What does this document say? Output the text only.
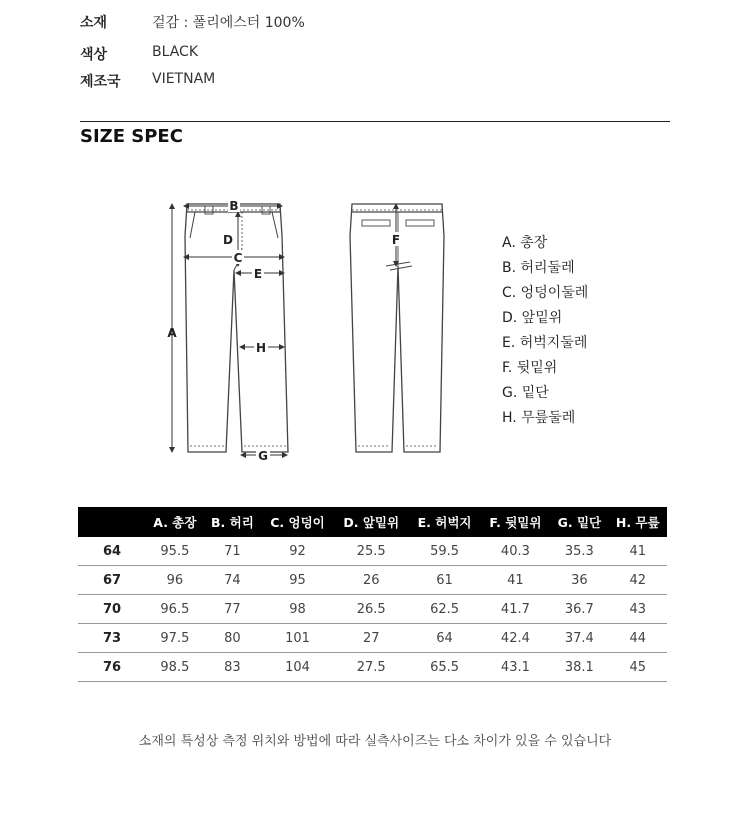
소재	겉감 : 폴리에스터 100%
색상	BLACK
제조국 VIETNAM
SIZE SPEC
B
A
D
C
E
H
G
F	A. 총장
B. 허리둘레
C. 엉덩이둘레
D. 앞밑위
E. 허벅지둘레
F. 뒷밑위
G. 밑단
H. 무릎둘레
	A. 총장	B. 허리	C. 엉덩이	D. 앞밑위	E. 허벅지	F. 뒷밑위	G. 밑단	H. 무릎
64	95.5	71	92	25.5	59.5	40.3	35.3	41
67	96	74	95	26	61	41	36	42
70	96.5	77	98	26.5	62.5	41.7	36.7	43
73	97.5	80	101	27	64	42.4	37.4	44
76	98.5	83	104	27.5	65.5	43.1	38.1	45
소재의 특성상 측정 위치와 방법에 따라 실측사이즈는 다소 차이가 있을 수 있습니다
